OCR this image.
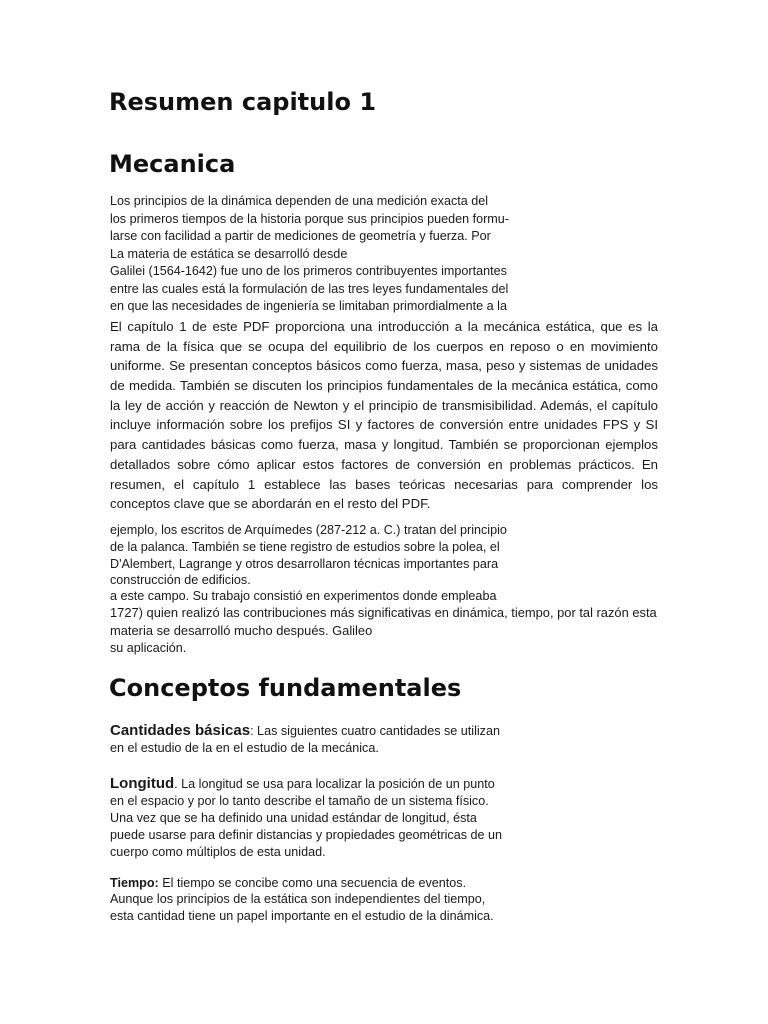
Resumen capitulo 1
Mecanica
Los principios de la dinámica dependen de una medición exacta del
los primeros tiempos de la historia porque sus principios pueden formu-
larse con facilidad a partir de mediciones de geometría y fuerza. Por
La materia de estática se desarrolló desde
Galilei (1564-1642) fue uno de los primeros contribuyentes importantes
entre las cuales está la formulación de las tres leyes fundamentales del
en que las necesidades de ingeniería se limitaban primordialmente a la
El capítulo 1 de este PDF proporciona una introducción a la mecánica estática, que es la
rama de la física que se ocupa del equilibrio de los cuerpos en reposo o en movimiento
uniforme. Se presentan conceptos básicos como fuerza, masa, peso y sistemas de unidades
de medida. También se discuten los principios fundamentales de la mecánica estática, como
la ley de acción y reacción de Newton y el principio de transmisibilidad. Además, el capítulo
incluye información sobre los prefijos SI y factores de conversión entre unidades FPS y SI
para cantidades básicas como fuerza, masa y longitud. También se proporcionan ejemplos
detallados sobre cómo aplicar estos factores de conversión en problemas prácticos. En
resumen, el capítulo 1 establece las bases teóricas necesarias para comprender los
conceptos clave que se abordarán en el resto del PDF.
ejemplo, los escritos de Arquímedes (287-212 a. C.) tratan del principio
de la palanca. También se tiene registro de estudios sobre la polea, el
D'Alembert, Lagrange y otros desarrollaron técnicas importantes para
construcción de edificios.
a este campo. Su trabajo consistió en experimentos donde empleaba
1727) quien realizó las contribuciones más significativas en dinámica, tiempo, por tal razón esta
materia se desarrolló mucho después. Galileo
su aplicación.
Conceptos fundamentales
Cantidades básicas: Las siguientes cuatro cantidades se utilizan
en el estudio de la en el estudio de la mecánica.
Longitud. La longitud se usa para localizar la posición de un punto
en el espacio y por lo tanto describe el tamaño de un sistema físico.
Una vez que se ha definido una unidad estándar de longitud, ésta
puede usarse para definir distancias y propiedades geométricas de un
cuerpo como múltiplos de esta unidad.
Tiempo: El tiempo se concibe como una secuencia de eventos.
Aunque los principios de la estática son independientes del tiempo,
esta cantidad tiene un papel importante en el estudio de la dinámica.
